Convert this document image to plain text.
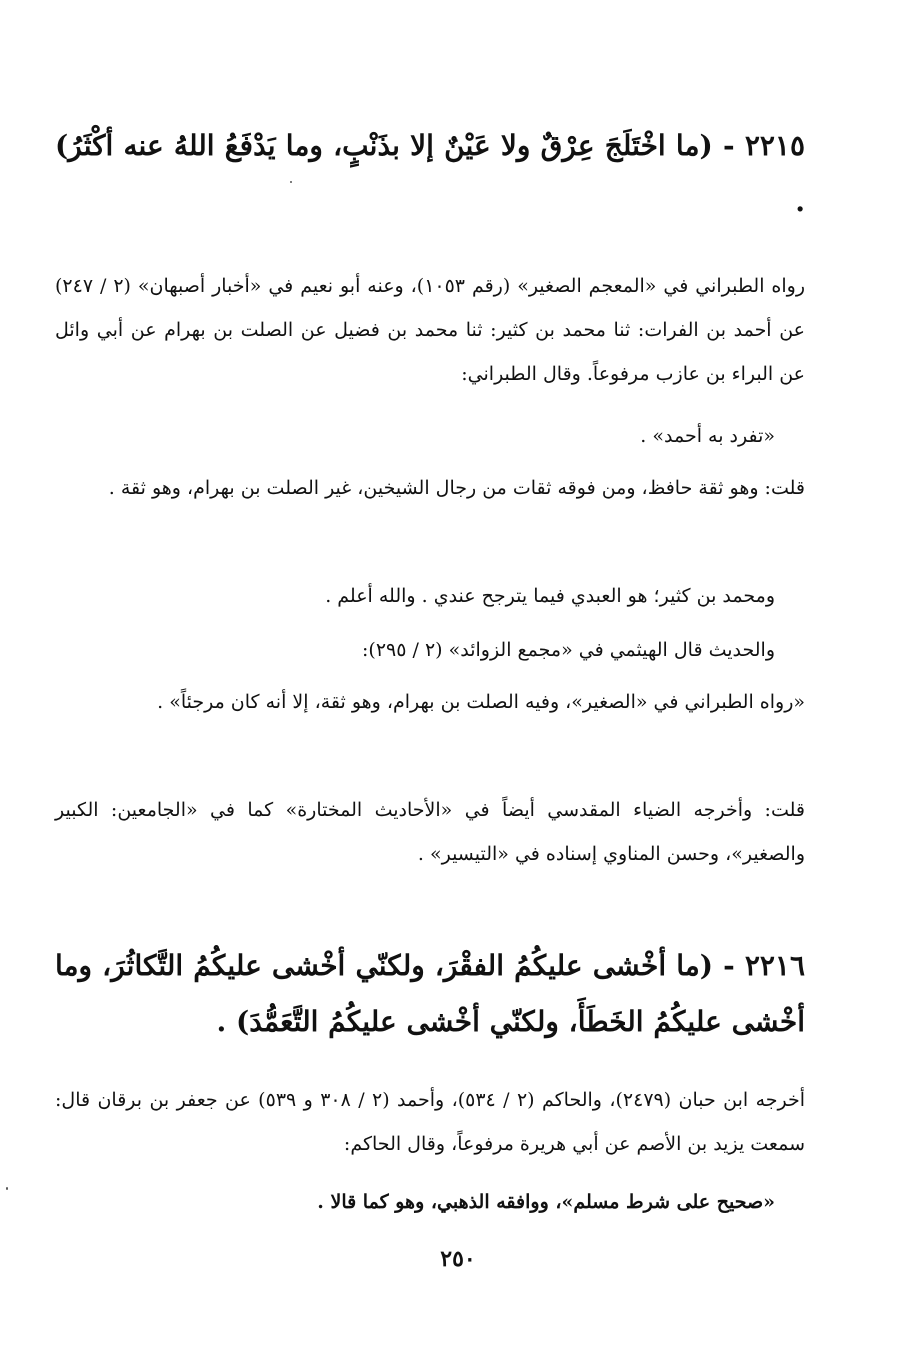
٢٢١٥ - (ما اخْتَلَجَ عِرْقٌ ولا عَيْنٌ إلا بذَنْبٍ، وما يَدْفَعُ اللهُ عنه أكْثَرُ) .
رواه الطبراني في «المعجم الصغير» (رقم ١٠٥٣)، وعنه أبو نعيم في «أخبار أصبهان» (٢ / ٢٤٧) عن أحمد بن الفرات: ثنا محمد بن كثير: ثنا محمد بن فضيل عن الصلت بن بهرام عن أبي وائل عن البراء بن عازب مرفوعاً. وقال الطبراني:
«تفرد به أحمد» .
قلت: وهو ثقة حافظ، ومن فوقه ثقات من رجال الشيخين، غير الصلت بن بهرام، وهو ثقة .
ومحمد بن كثير؛ هو العبدي فيما يترجح عندي . والله أعلم .
والحديث قال الهيثمي في «مجمع الزوائد» (٢ / ٢٩٥):
«رواه الطبراني في «الصغير»، وفيه الصلت بن بهرام، وهو ثقة، إلا أنه كان مرجئاً» .
قلت: وأخرجه الضياء المقدسي أيضاً في «الأحاديث المختارة» كما في «الجامعين: الكبير والصغير»، وحسن المناوي إسناده في «التيسير» .
٢٢١٦ - (ما أخْشى عليكُمُ الفقْرَ، ولكنّي أخْشى عليكُمُ التَّكاثُرَ، وما أخْشى عليكُمُ الخَطَأَ، ولكنّي أخْشى عليكُمُ التَّعَمُّدَ) .
أخرجه ابن حبان (٢٤٧٩)، والحاكم (٢ / ٥٣٤)، وأحمد (٢ / ٣٠٨ و ٥٣٩) عن جعفر بن برقان قال: سمعت يزيد بن الأصم عن أبي هريرة مرفوعاً، وقال الحاكم:
«صحيح على شرط مسلم»، ووافقه الذهبي، وهو كما قالا .
٢٥٠
